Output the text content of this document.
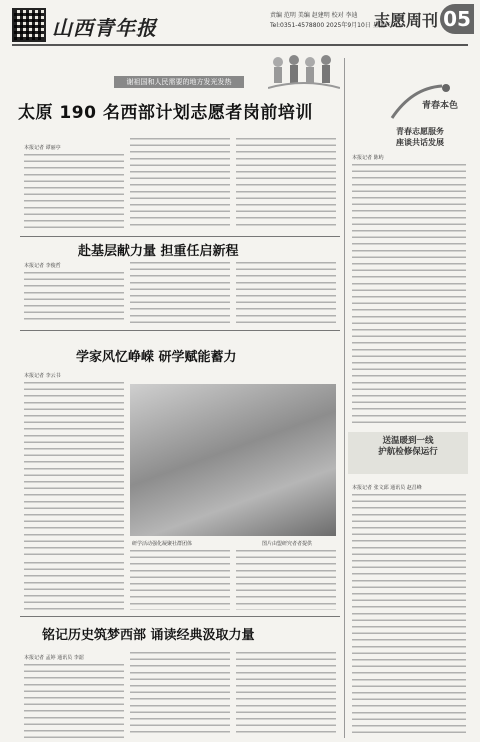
山西青年报
责编 范明 美编 赵建明 校对 李迪
Tel:0351-4578800 2025年9月10日 星期三
志愿周刊 05
谢祖国和人民需要的地方发光发热
太原 190 名西部计划志愿者岗前培训
本报记者 谭丽亭
赴基层献力量 担重任启新程
本报记者 李俊哲
学家风忆峥嵘 研学赋能蓄力
本报记者 李云书
研学活动强化凝聚社群团体	图片由盟研究者者提供
铭记历史筑梦西部 诵读经典汲取力量
本报记者 孟婷 通讯员 李韶
青春本色
青春志愿服务
座谈共话发展
本报记者 陈屿
送温暖到一线
护航检修保运行
本报记者 张文邱 通讯员 赵昌峰
